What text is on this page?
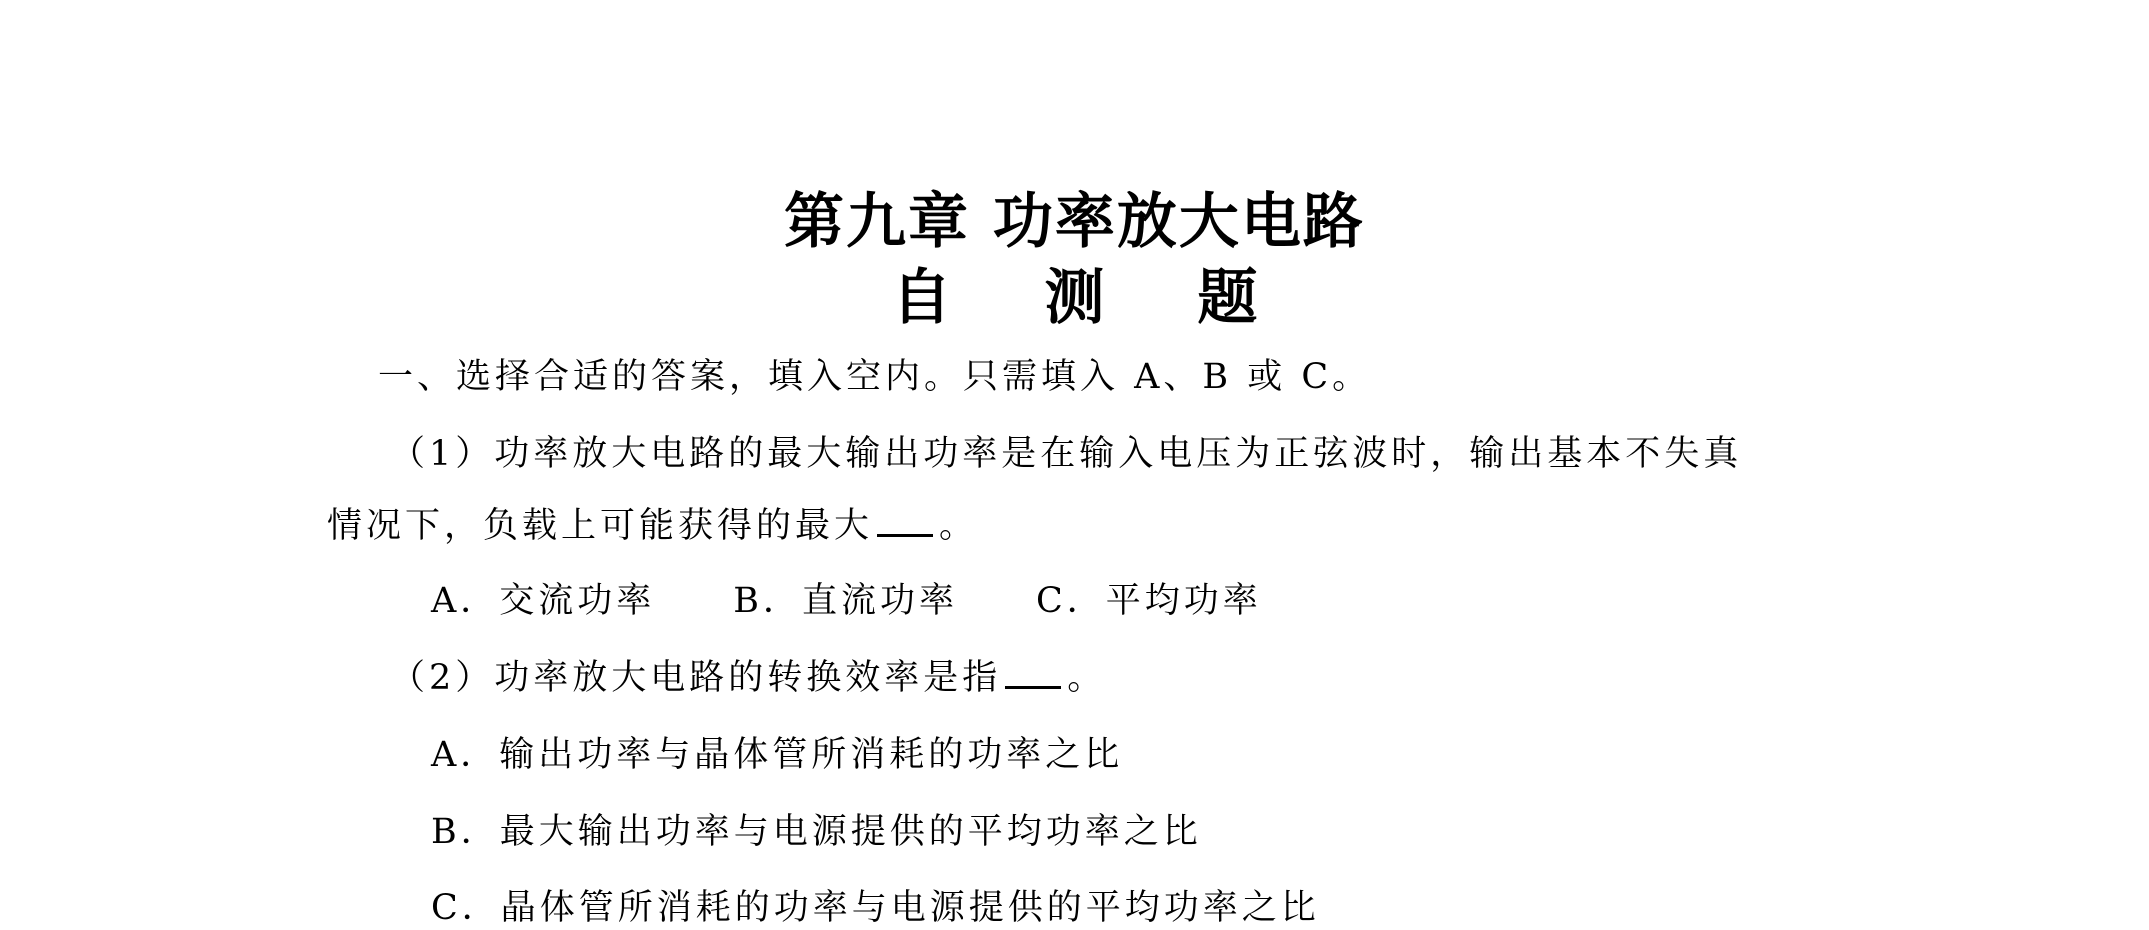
第九章 功率放大电路
自 测 题
一、选择合适的答案，填入空内。只需填入 A、B 或 C。
（1）功率放大电路的最大输出功率是在输入电压为正弦波时，输出基本不失真
情况下，负载上可能获得的最大 。
A．交流功率 B．直流功率 C．平均功率
（2）功率放大电路的转换效率是指 。
A．输出功率与晶体管所消耗的功率之比
B．最大输出功率与电源提供的平均功率之比
C．晶体管所消耗的功率与电源提供的平均功率之比
